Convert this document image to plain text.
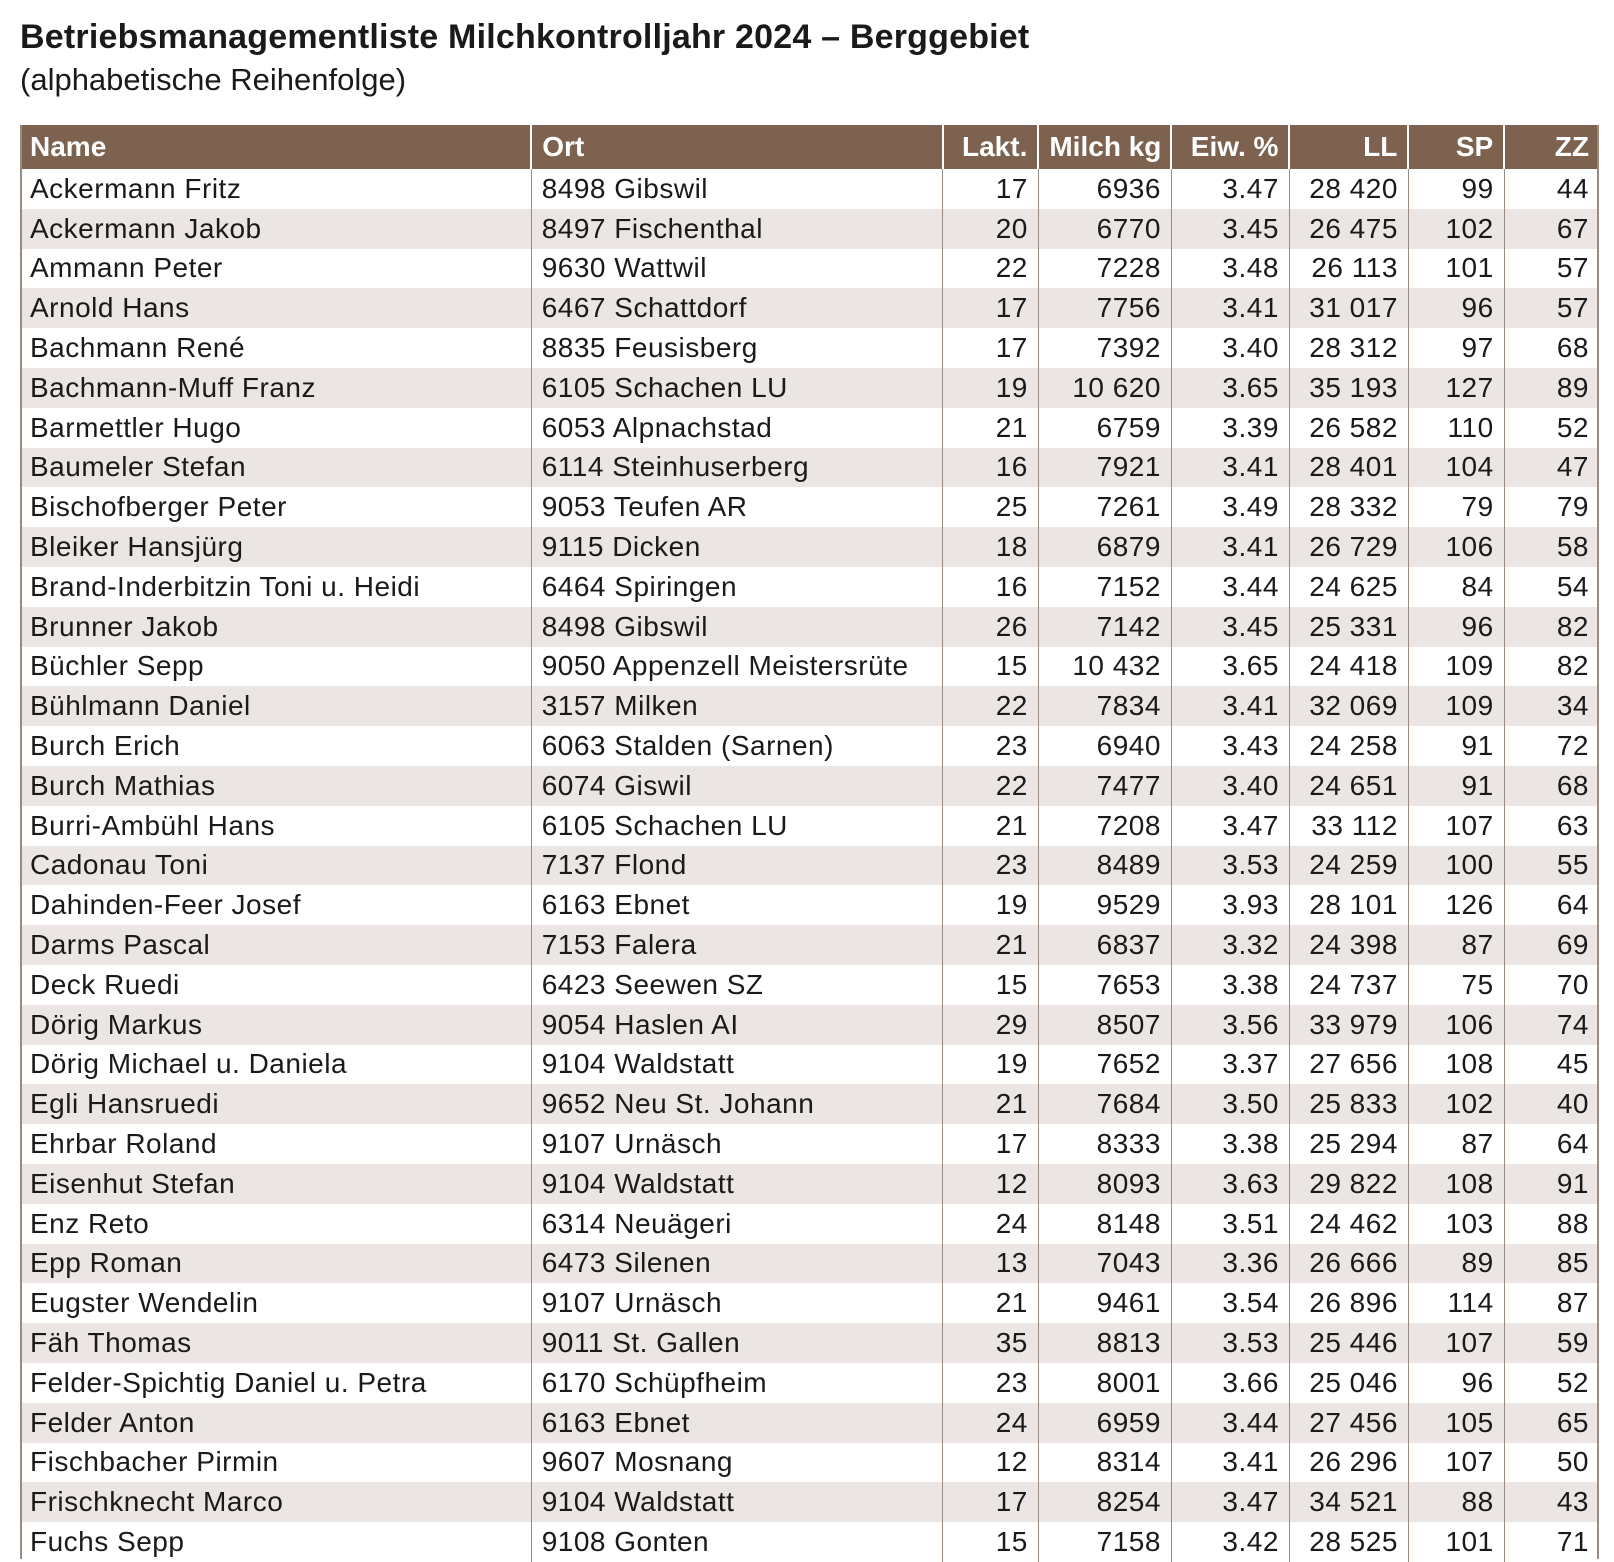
Betriebsmanagementliste Milchkontrolljahr 2024 – Berggebiet
(alphabetische Reihenfolge)
Name	Ort	Lakt.	Milch kg	Eiw. %	LL	SP	ZZ
Ackermann Fritz	8498 Gibswil	17	6936	3.47	28 420	99	44
Ackermann Jakob	8497 Fischenthal	20	6770	3.45	26 475	102	67
Ammann Peter	9630 Wattwil	22	7228	3.48	26 113	101	57
Arnold Hans	6467 Schattdorf	17	7756	3.41	31 017	96	57
Bachmann René	8835 Feusisberg	17	7392	3.40	28 312	97	68
Bachmann-Muff Franz	6105 Schachen LU	19	10 620	3.65	35 193	127	89
Barmettler Hugo	6053 Alpnachstad	21	6759	3.39	26 582	110	52
Baumeler Stefan	6114 Steinhuserberg	16	7921	3.41	28 401	104	47
Bischofberger Peter	9053 Teufen AR	25	7261	3.49	28 332	79	79
Bleiker Hansjürg	9115 Dicken	18	6879	3.41	26 729	106	58
Brand-Inderbitzin Toni u. Heidi	6464 Spiringen	16	7152	3.44	24 625	84	54
Brunner Jakob	8498 Gibswil	26	7142	3.45	25 331	96	82
Büchler Sepp	9050 Appenzell Meistersrüte	15	10 432	3.65	24 418	109	82
Bühlmann Daniel	3157 Milken	22	7834	3.41	32 069	109	34
Burch Erich	6063 Stalden (Sarnen)	23	6940	3.43	24 258	91	72
Burch Mathias	6074 Giswil	22	7477	3.40	24 651	91	68
Burri-Ambühl Hans	6105 Schachen LU	21	7208	3.47	33 112	107	63
Cadonau Toni	7137 Flond	23	8489	3.53	24 259	100	55
Dahinden-Feer Josef	6163 Ebnet	19	9529	3.93	28 101	126	64
Darms Pascal	7153 Falera	21	6837	3.32	24 398	87	69
Deck Ruedi	6423 Seewen SZ	15	7653	3.38	24 737	75	70
Dörig Markus	9054 Haslen AI	29	8507	3.56	33 979	106	74
Dörig Michael u. Daniela	9104 Waldstatt	19	7652	3.37	27 656	108	45
Egli Hansruedi	9652 Neu St. Johann	21	7684	3.50	25 833	102	40
Ehrbar Roland	9107 Urnäsch	17	8333	3.38	25 294	87	64
Eisenhut Stefan	9104 Waldstatt	12	8093	3.63	29 822	108	91
Enz Reto	6314 Neuägeri	24	8148	3.51	24 462	103	88
Epp Roman	6473 Silenen	13	7043	3.36	26 666	89	85
Eugster Wendelin	9107 Urnäsch	21	9461	3.54	26 896	114	87
Fäh Thomas	9011 St. Gallen	35	8813	3.53	25 446	107	59
Felder-Spichtig Daniel u. Petra	6170 Schüpfheim	23	8001	3.66	25 046	96	52
Felder Anton	6163 Ebnet	24	6959	3.44	27 456	105	65
Fischbacher Pirmin	9607 Mosnang	12	8314	3.41	26 296	107	50
Frischknecht Marco	9104 Waldstatt	17	8254	3.47	34 521	88	43
Fuchs Sepp	9108 Gonten	15	7158	3.42	28 525	101	71
